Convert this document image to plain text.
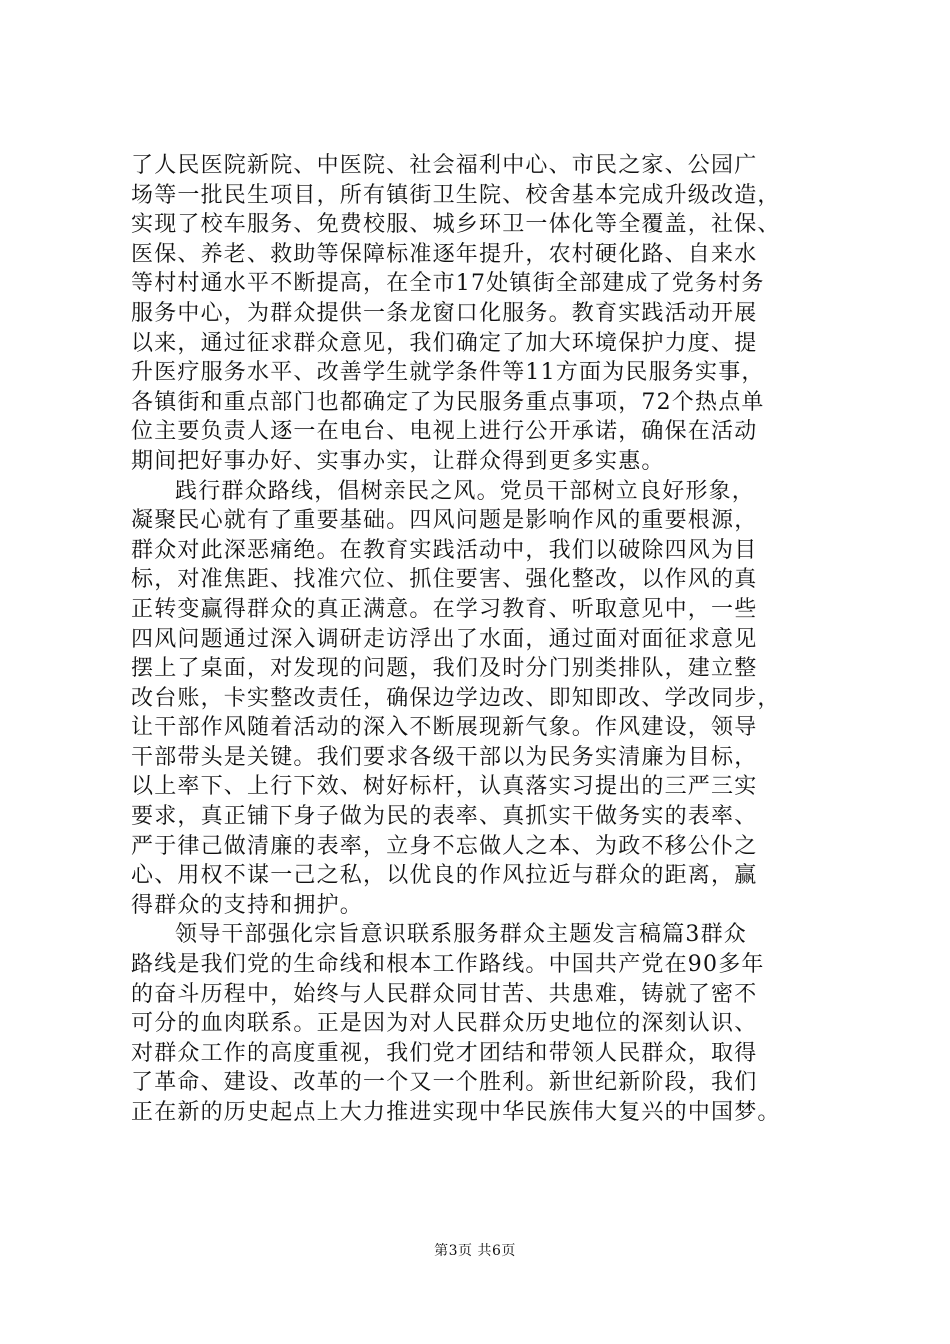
了人民医院新院、中医院、社会福利中心、市民之家、公园广
场等一批民生项目，所有镇街卫生院、校舍基本完成升级改造，
实现了校车服务、免费校服、城乡环卫一体化等全覆盖，社保、
医保、养老、救助等保障标准逐年提升，农村硬化路、自来水
等村村通水平不断提高，在全市17处镇街全部建成了党务村务
服务中心，为群众提供一条龙窗口化服务。教育实践活动开展
以来，通过征求群众意见，我们确定了加大环境保护力度、提
升医疗服务水平、改善学生就学条件等11方面为民服务实事，
各镇街和重点部门也都确定了为民服务重点事项，72个热点单
位主要负责人逐一在电台、电视上进行公开承诺，确保在活动
期间把好事办好、实事办实，让群众得到更多实惠。
践行群众路线，倡树亲民之风。党员干部树立良好形象，
凝聚民心就有了重要基础。四风问题是影响作风的重要根源，
群众对此深恶痛绝。在教育实践活动中，我们以破除四风为目
标，对准焦距、找准穴位、抓住要害、强化整改，以作风的真
正转变赢得群众的真正满意。在学习教育、听取意见中，一些
四风问题通过深入调研走访浮出了水面，通过面对面征求意见
摆上了桌面，对发现的问题，我们及时分门别类排队，建立整
改台账，卡实整改责任，确保边学边改、即知即改、学改同步，
让干部作风随着活动的深入不断展现新气象。作风建设，领导
干部带头是关键。我们要求各级干部以为民务实清廉为目标，
以上率下、上行下效、树好标杆，认真落实习提出的三严三实
要求，真正铺下身子做为民的表率、真抓实干做务实的表率、
严于律己做清廉的表率，立身不忘做人之本、为政不移公仆之
心、用权不谋一己之私，以优良的作风拉近与群众的距离，赢
得群众的支持和拥护。
领导干部强化宗旨意识联系服务群众主题发言稿篇3群众
路线是我们党的生命线和根本工作路线。中国共产党在90多年
的奋斗历程中，始终与人民群众同甘苦、共患难，铸就了密不
可分的血肉联系。正是因为对人民群众历史地位的深刻认识、
对群众工作的高度重视，我们党才团结和带领人民群众，取得
了革命、建设、改革的一个又一个胜利。新世纪新阶段，我们
正在新的历史起点上大力推进实现中华民族伟大复兴的中国梦。
第3页 共6页
